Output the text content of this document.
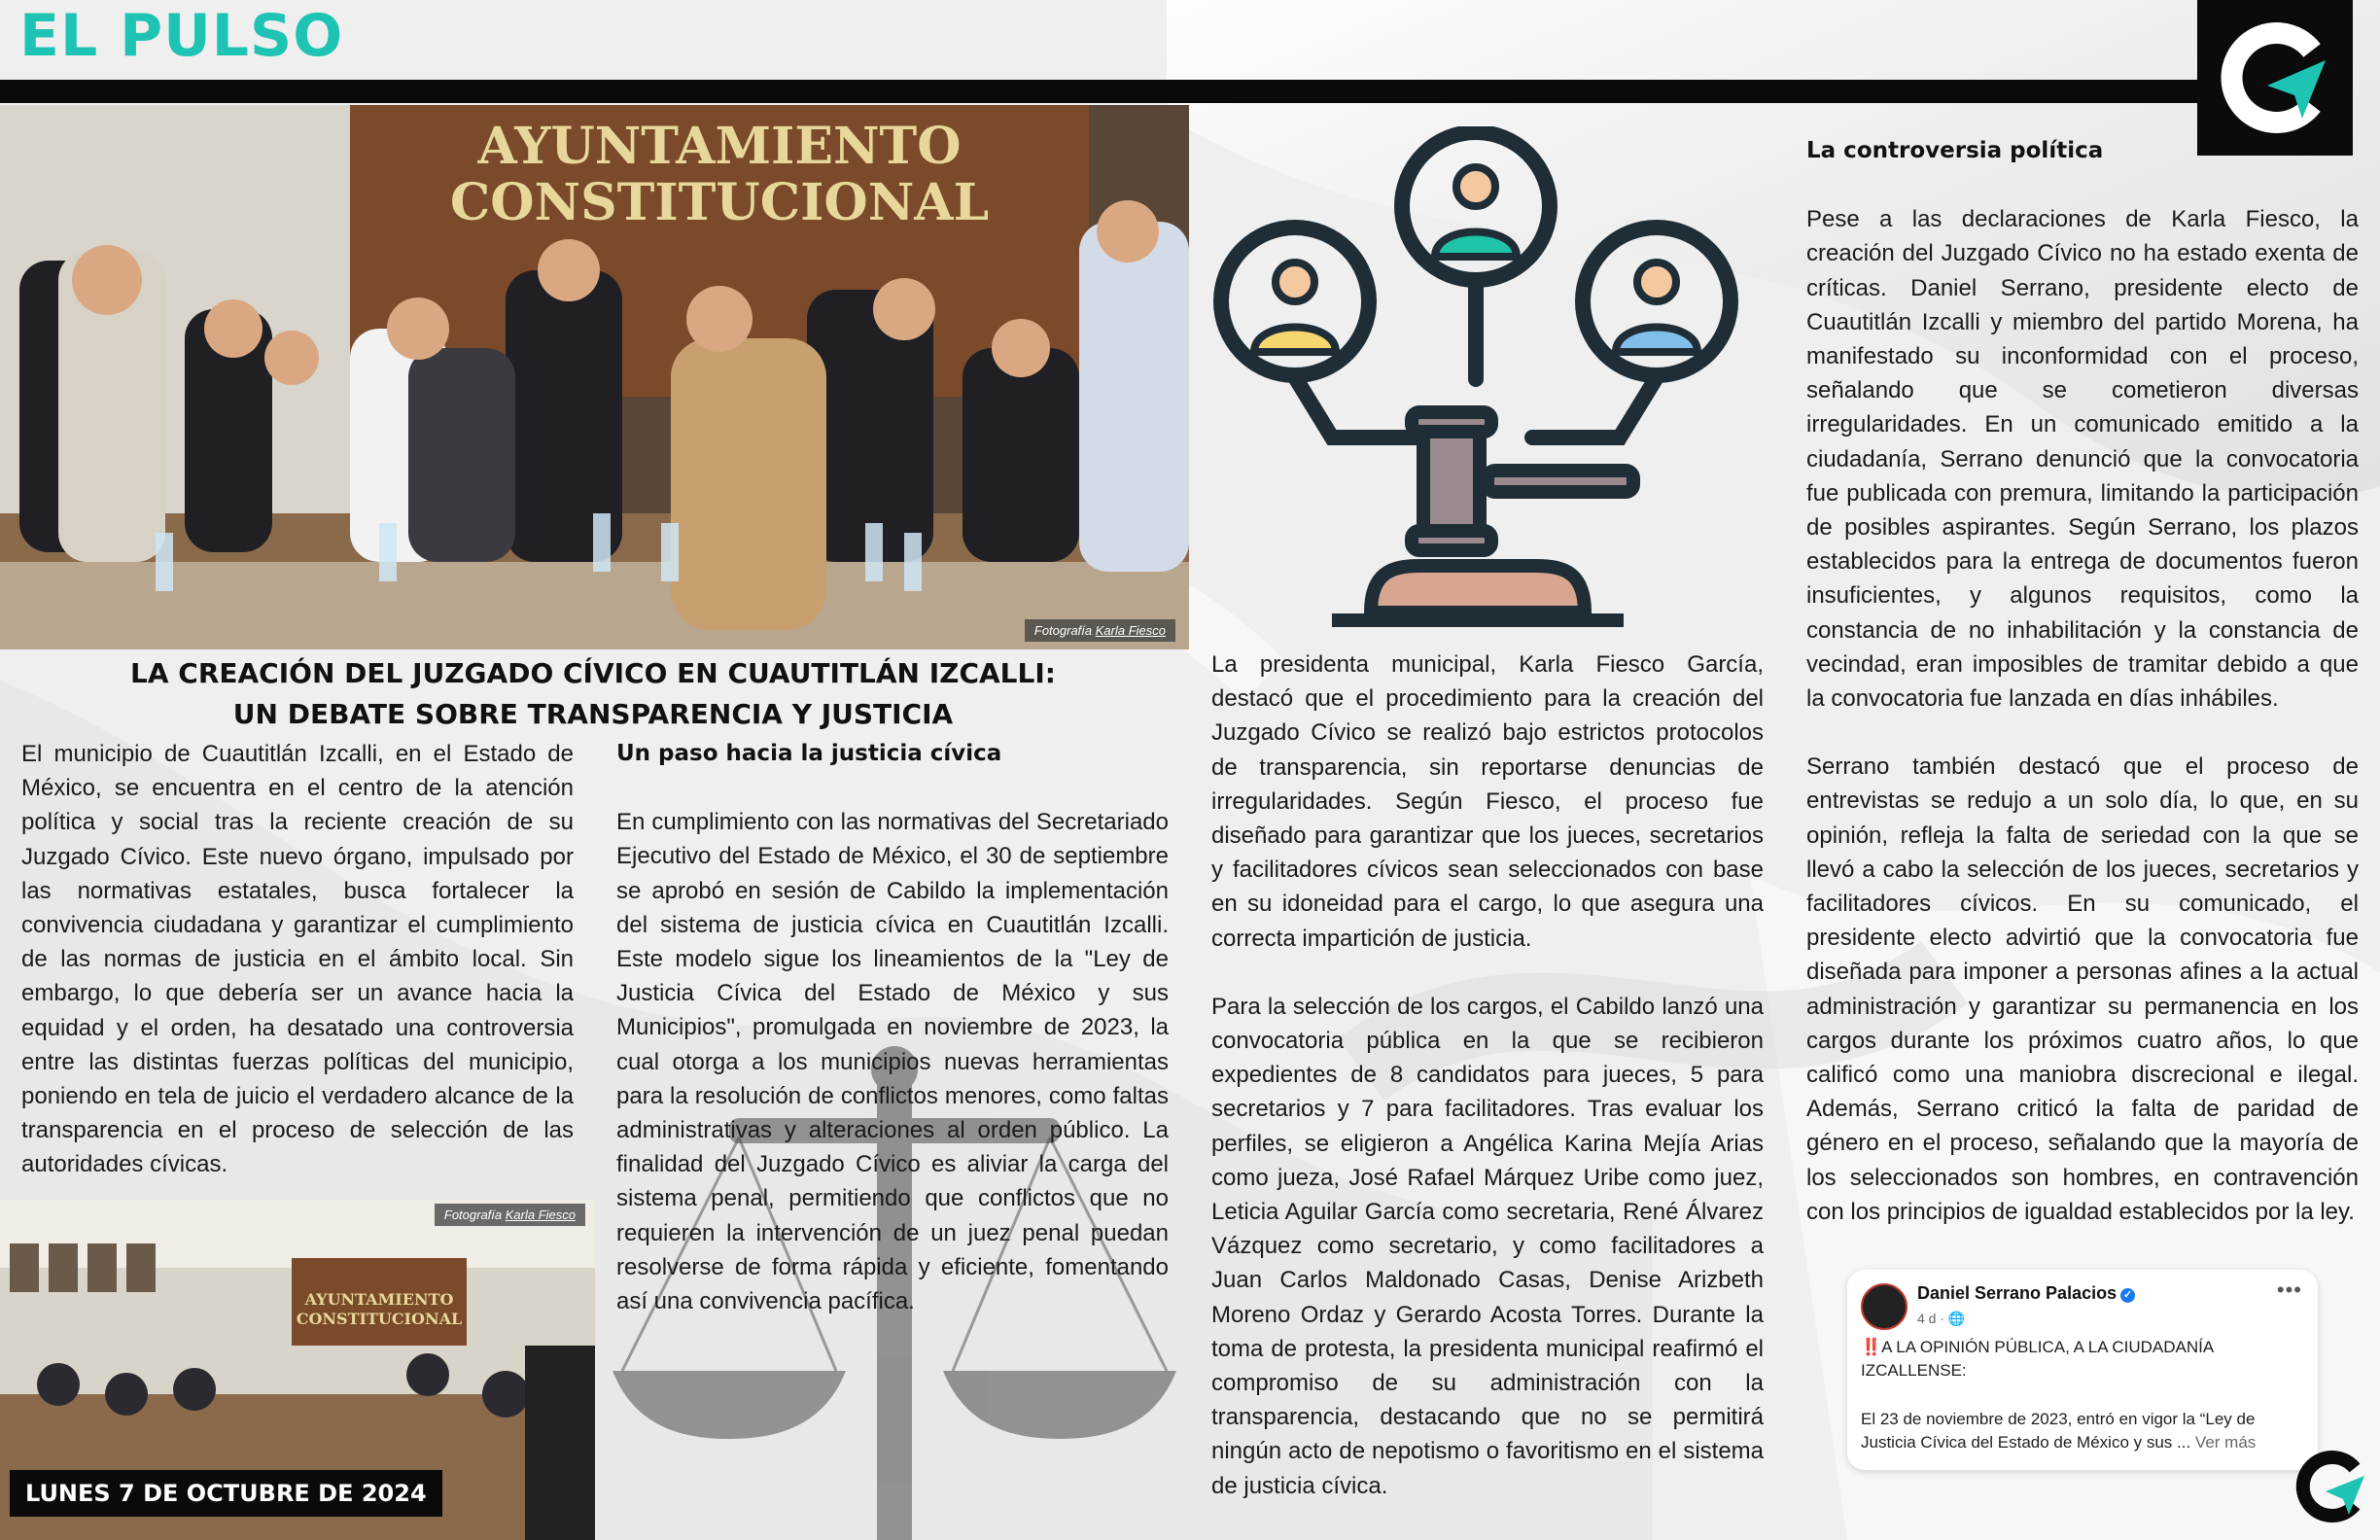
EL PULSO
AYUNTAMIENTO
CONSTITUCIONAL
Fotografía Karla Fiesco
LA CREACIÓN DEL JUZGADO CÍVICO EN CUAUTITLÁN IZCALLI: UN DEBATE SOBRE TRANSPARENCIA Y JUSTICIA

El municipio de Cuautitlán Izcalli, en el Estado de México, se encuentra en el centro de la atención política y social tras la reciente creación de su Juzgado Cívico. Este nuevo órgano, impulsado por las normativas estatales, busca fortalecer la convivencia ciudadana y garantizar el cumplimiento de las normas de justicia en el ámbito local. Sin embargo, lo que debería ser un avance hacia la equidad y el orden, ha desatado una controversia entre las distintas fuerzas políticas del municipio, poniendo en tela de juicio el verdadero alcance de la transparencia en el proceso de selección de las autoridades cívicas.

AYUNTAMIENTO
CONSTITUCIONAL
Fotografía Karla Fiesco
LUNES 7 DE OCTUBRE DE 2024
Un paso hacia la justicia cívica

En cumplimiento con las normativas del Secretariado Ejecutivo del Estado de México, el 30 de septiembre se aprobó en sesión de Cabildo la implementación del sistema de justicia cívica en Cuautitlán Izcalli. Este modelo sigue los lineamientos de la "Ley de Justicia Cívica del Estado de México y sus Municipios", promulgada en noviembre de 2023, la cual otorga a los municipios nuevas herramientas para la resolución de conflictos menores, como faltas administrativas y alteraciones al orden público. La finalidad del Juzgado Cívico es aliviar la carga del sistema penal, permitiendo que conflictos que no requieren la intervención de un juez penal puedan resolverse de forma rápida y eficiente, fomentando así una convivencia pacífica.

La presidenta municipal, Karla Fiesco García, destacó que el procedimiento para la creación del Juzgado Cívico se realizó bajo estrictos protocolos de transparencia, sin reportarse denuncias de irregularidades. Según Fiesco, el proceso fue diseñado para garantizar que los jueces, secretarios y facilitadores cívicos sean seleccionados con base en su idoneidad para el cargo, lo que asegura una correcta impartición de justicia.

Para la selección de los cargos, el Cabildo lanzó una convocatoria pública en la que se recibieron expedientes de 8 candidatos para jueces, 5 para secretarios y 7 para facilitadores. Tras evaluar los perfiles, se eligieron a Angélica Karina Mejía Arias como jueza, José Rafael Márquez Uribe como juez, Leticia Aguilar García como secretaria, René Álvarez Vázquez como secretario, y como facilitadores a Juan Carlos Maldonado Casas, Denise Arizbeth Moreno Ordaz y Gerardo Acosta Torres. Durante la toma de protesta, la presidenta municipal reafirmó el compromiso de su administración con la transparencia, destacando que no se permitirá ningún acto de nepotismo o favoritismo en el sistema de justicia cívica.

La controversia política

Pese a las declaraciones de Karla Fiesco, la creación del Juzgado Cívico no ha estado exenta de críticas. Daniel Serrano, presidente electo de Cuautitlán Izcalli y miembro del partido Morena, ha manifestado su inconformidad con el proceso, señalando que se cometieron diversas irregularidades. En un comunicado emitido a la ciudadanía, Serrano denunció que la convocatoria fue publicada con premura, limitando la participación de posibles aspirantes. Según Serrano, los plazos establecidos para la entrega de documentos fueron insuficientes, y algunos requisitos, como la constancia de no inhabilitación y la constancia de vecindad, eran imposibles de tramitar debido a que la convocatoria fue lanzada en días inhábiles.

Serrano también destacó que el proceso de entrevistas se redujo a un solo día, lo que, en su opinión, refleja la falta de seriedad con la que se llevó a cabo la selección de los jueces, secretarios y facilitadores cívicos. En su comunicado, el presidente electo advirtió que la convocatoria fue diseñada para imponer a personas afines a la actual administración y garantizar su permanencia en los cargos durante los próximos cuatro años, lo que calificó como una maniobra discrecional e ilegal. Además, Serrano criticó la falta de paridad de género en el proceso, señalando que la mayoría de los seleccionados son hombres, en contravención con los principios de igualdad establecidos por la ley.

Daniel Serrano Palacios ✓
4 d · 🌐
•••
‼️A LA OPINIÓN PÚBLICA, A LA CIUDADANÍA IZCALLENSE:
El 23 de noviembre de 2023, entró en vigor la “Ley de Justicia Cívica del Estado de México y sus ... Ver más
